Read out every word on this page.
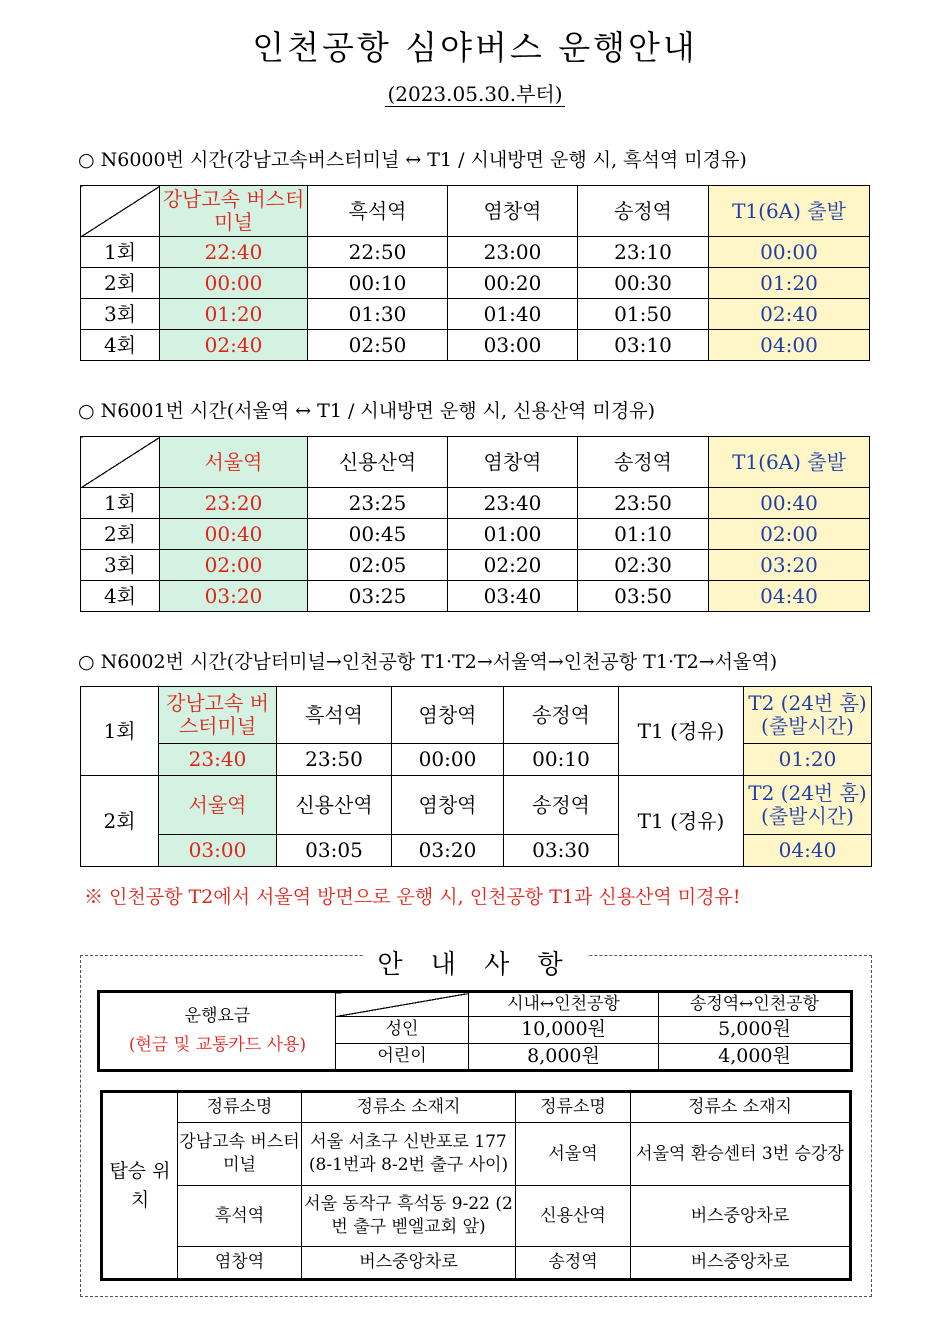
인천공항 심야버스 운행안내
(2023.05.30.부터)
○ N6000번 시간(강남고속버스터미널 ↔ T1 / 시내방면 운행 시, 흑석역 미경유)
	강남고속 버스터미널	흑석역	염창역	송정역	T1(6A) 출발
1회	22:40	22:50	23:00	23:10	00:00
2회	00:00	00:10	00:20	00:30	01:20
3회	01:20	01:30	01:40	01:50	02:40
4회	02:40	02:50	03:00	03:10	04:00
○ N6001번 시간(서울역 ↔ T1 / 시내방면 운행 시, 신용산역 미경유)
	서울역	신용산역	염창역	송정역	T1(6A) 출발
1회	23:20	23:25	23:40	23:50	00:40
2회	00:40	00:45	01:00	01:10	02:00
3회	02:00	02:05	02:20	02:30	03:20
4회	03:20	03:25	03:40	03:50	04:40
○ N6002번 시간(강남터미널→인천공항 T1·T2→서울역→인천공항 T1·T2→서울역)
1회	강남고속 버스터미널	흑석역	염창역	송정역	T1 (경유)	T2 (24번 홈) (출발시간)
	23:40	23:50	00:00	00:10		01:20
2회	서울역	신용산역	염창역	송정역	T1 (경유)	T2 (24번 홈) (출발시간)
	03:00	03:05	03:20	03:30		04:40
※ 인천공항 T2에서 서울역 방면으로 운행 시, 인천공항 T1과 신용산역 미경유!
안 내 사 항
운행요금
(현금 및 교통카드 사용)		시내↔인천공항	송정역↔인천공항
	성인	10,000원	5,000원
	어린이	8,000원	4,000원
탑승 위치	정류소명	정류소 소재지	정류소명	정류소 소재지
	강남고속 버스터미널	서울 서초구 신반포로 177 (8-1번과 8-2번 출구 사이)	서울역	서울역 환승센터 3번 승강장
	흑석역	서울 동작구 흑석동 9-22 (2번 출구 벧엘교회 앞)	신용산역	버스중앙차로
	염창역	버스중앙차로	송정역	버스중앙차로
